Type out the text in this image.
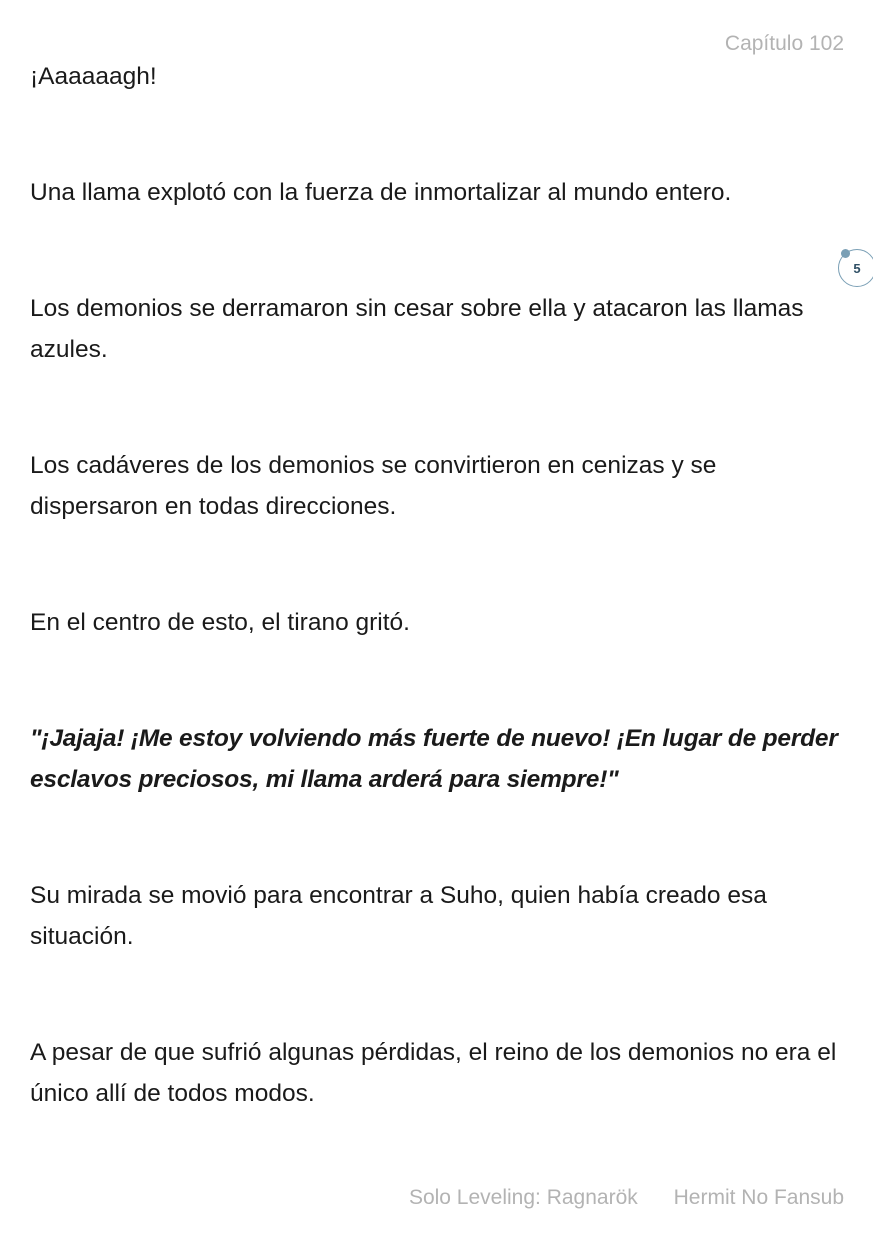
Capítulo 102

¡Aaaaaagh!

Una llama explotó con la fuerza de inmortalizar al mundo entero.

Los demonios se derramaron sin cesar sobre ella y atacaron las llamas azules.

Los cadáveres de los demonios se convirtieron en cenizas y se dispersaron en todas direcciones.

En el centro de esto, el tirano gritó.

"¡Jajaja! ¡Me estoy volviendo más fuerte de nuevo! ¡En lugar de perder esclavos preciosos, mi llama arderá para siempre!"

Su mirada se movió para encontrar a Suho, quien había creado esa situación.

A pesar de que sufrió algunas pérdidas, el reino de los demonios no era el único allí de todos modos.

5
Solo Leveling: Ragnarök Hermit No Fansub
